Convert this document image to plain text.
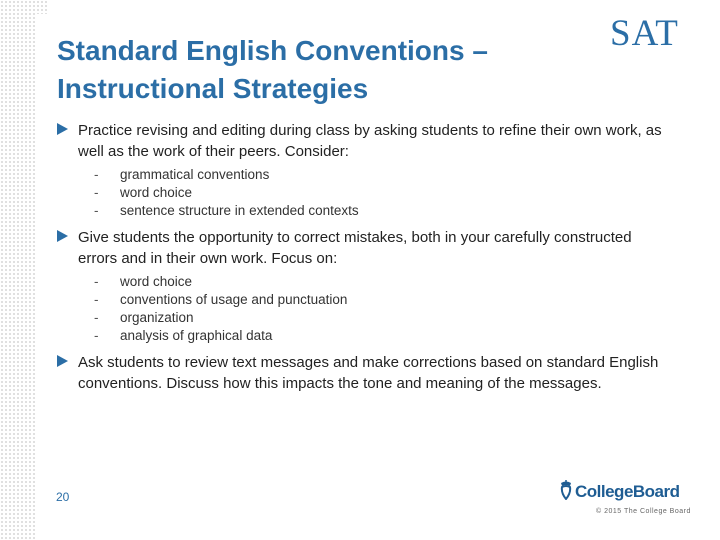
Standard English Conventions –
Instructional Strategies
SAT
Practice revising and editing during class by asking students to refine their own work, as well as the work of their peers. Consider:
- grammatical conventions
- word choice
- sentence structure in extended contexts
Give students the opportunity to correct mistakes, both in your carefully constructed errors and in their own work. Focus on:
- word choice
- conventions of usage and punctuation
- organization
- analysis of graphical data
Ask students to review text messages and make corrections based on standard English conventions. Discuss how this impacts the tone and meaning of the messages.
20	CollegeBoard
© 2015 The College Board
